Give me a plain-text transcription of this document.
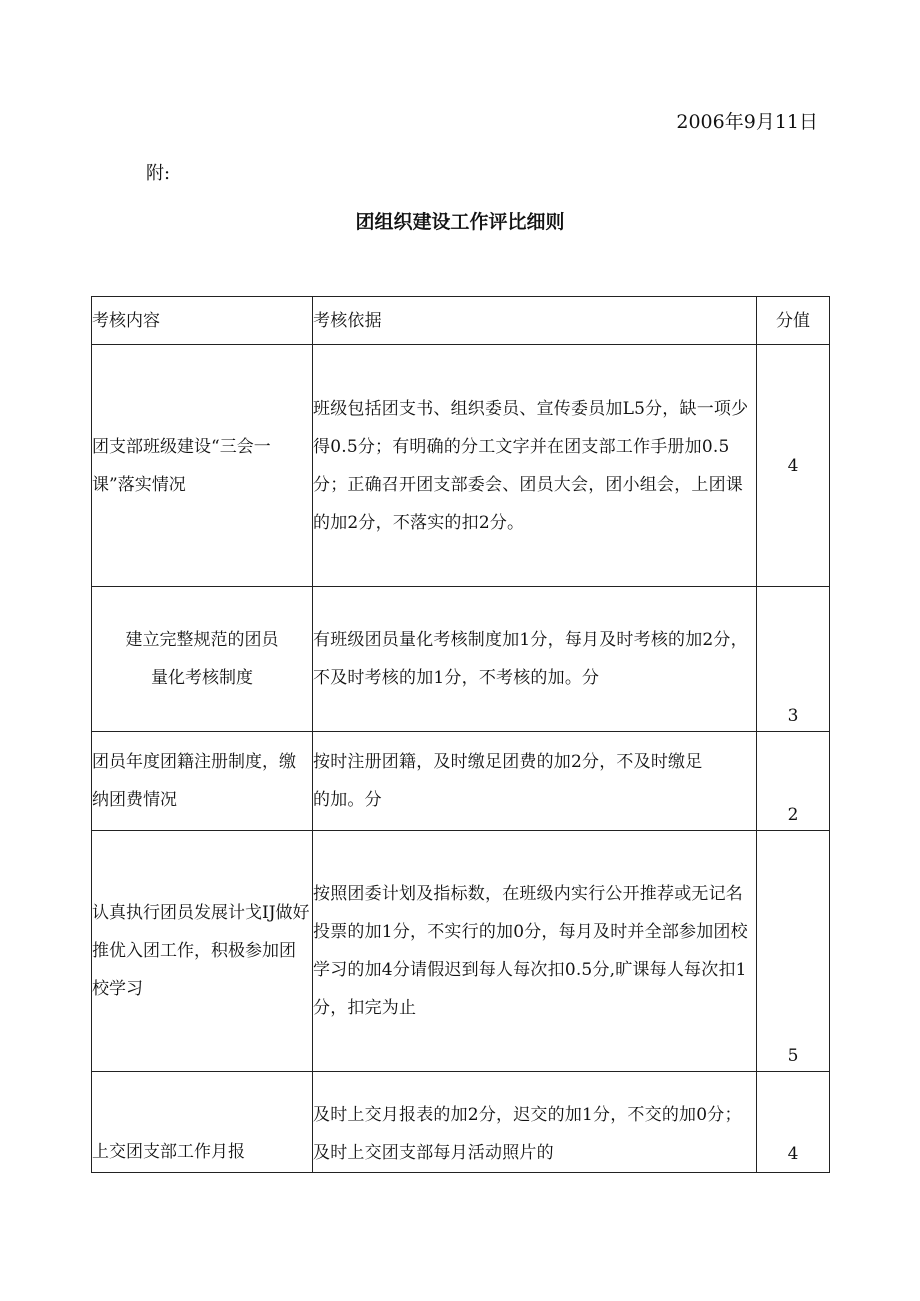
2006年9月11日
附:
团组织建设工作评比细则
考核内容	考核依据	分值
团支部班级建设“三会一课”落实情况	班级包括团支书、组织委员、宣传委员加L5分，缺一项少得0.5分；有明确的分工文字并在团支部工作手册加0.5分；正确召开团支部委会、团员大会，团小组会，上团课的加2分，不落实的扣2分。	4
建立完整规范的团员量化考核制度	有班级团员量化考核制度加1分，每月及时考核的加2分，不及时考核的加1分，不考核的加。分	3
团员年度团籍注册制度，缴纳团费情况	按时注册团籍，及时缴足团费的加2分，不及时缴足的加。分	2
认真执行团员发展计戈IJ做好推优入团工作，积极参加团校学习	按照团委计划及指标数，在班级内实行公开推荐或无记名投票的加1分，不实行的加0分，每月及时并全部参加团校学习的加4分请假迟到每人每次扣0.5分,旷课每人每次扣1分，扣完为止	5
上交团支部工作月报	及时上交月报表的加2分，迟交的加1分，不交的加0分；及时上交团支部每月活动照片的	4
